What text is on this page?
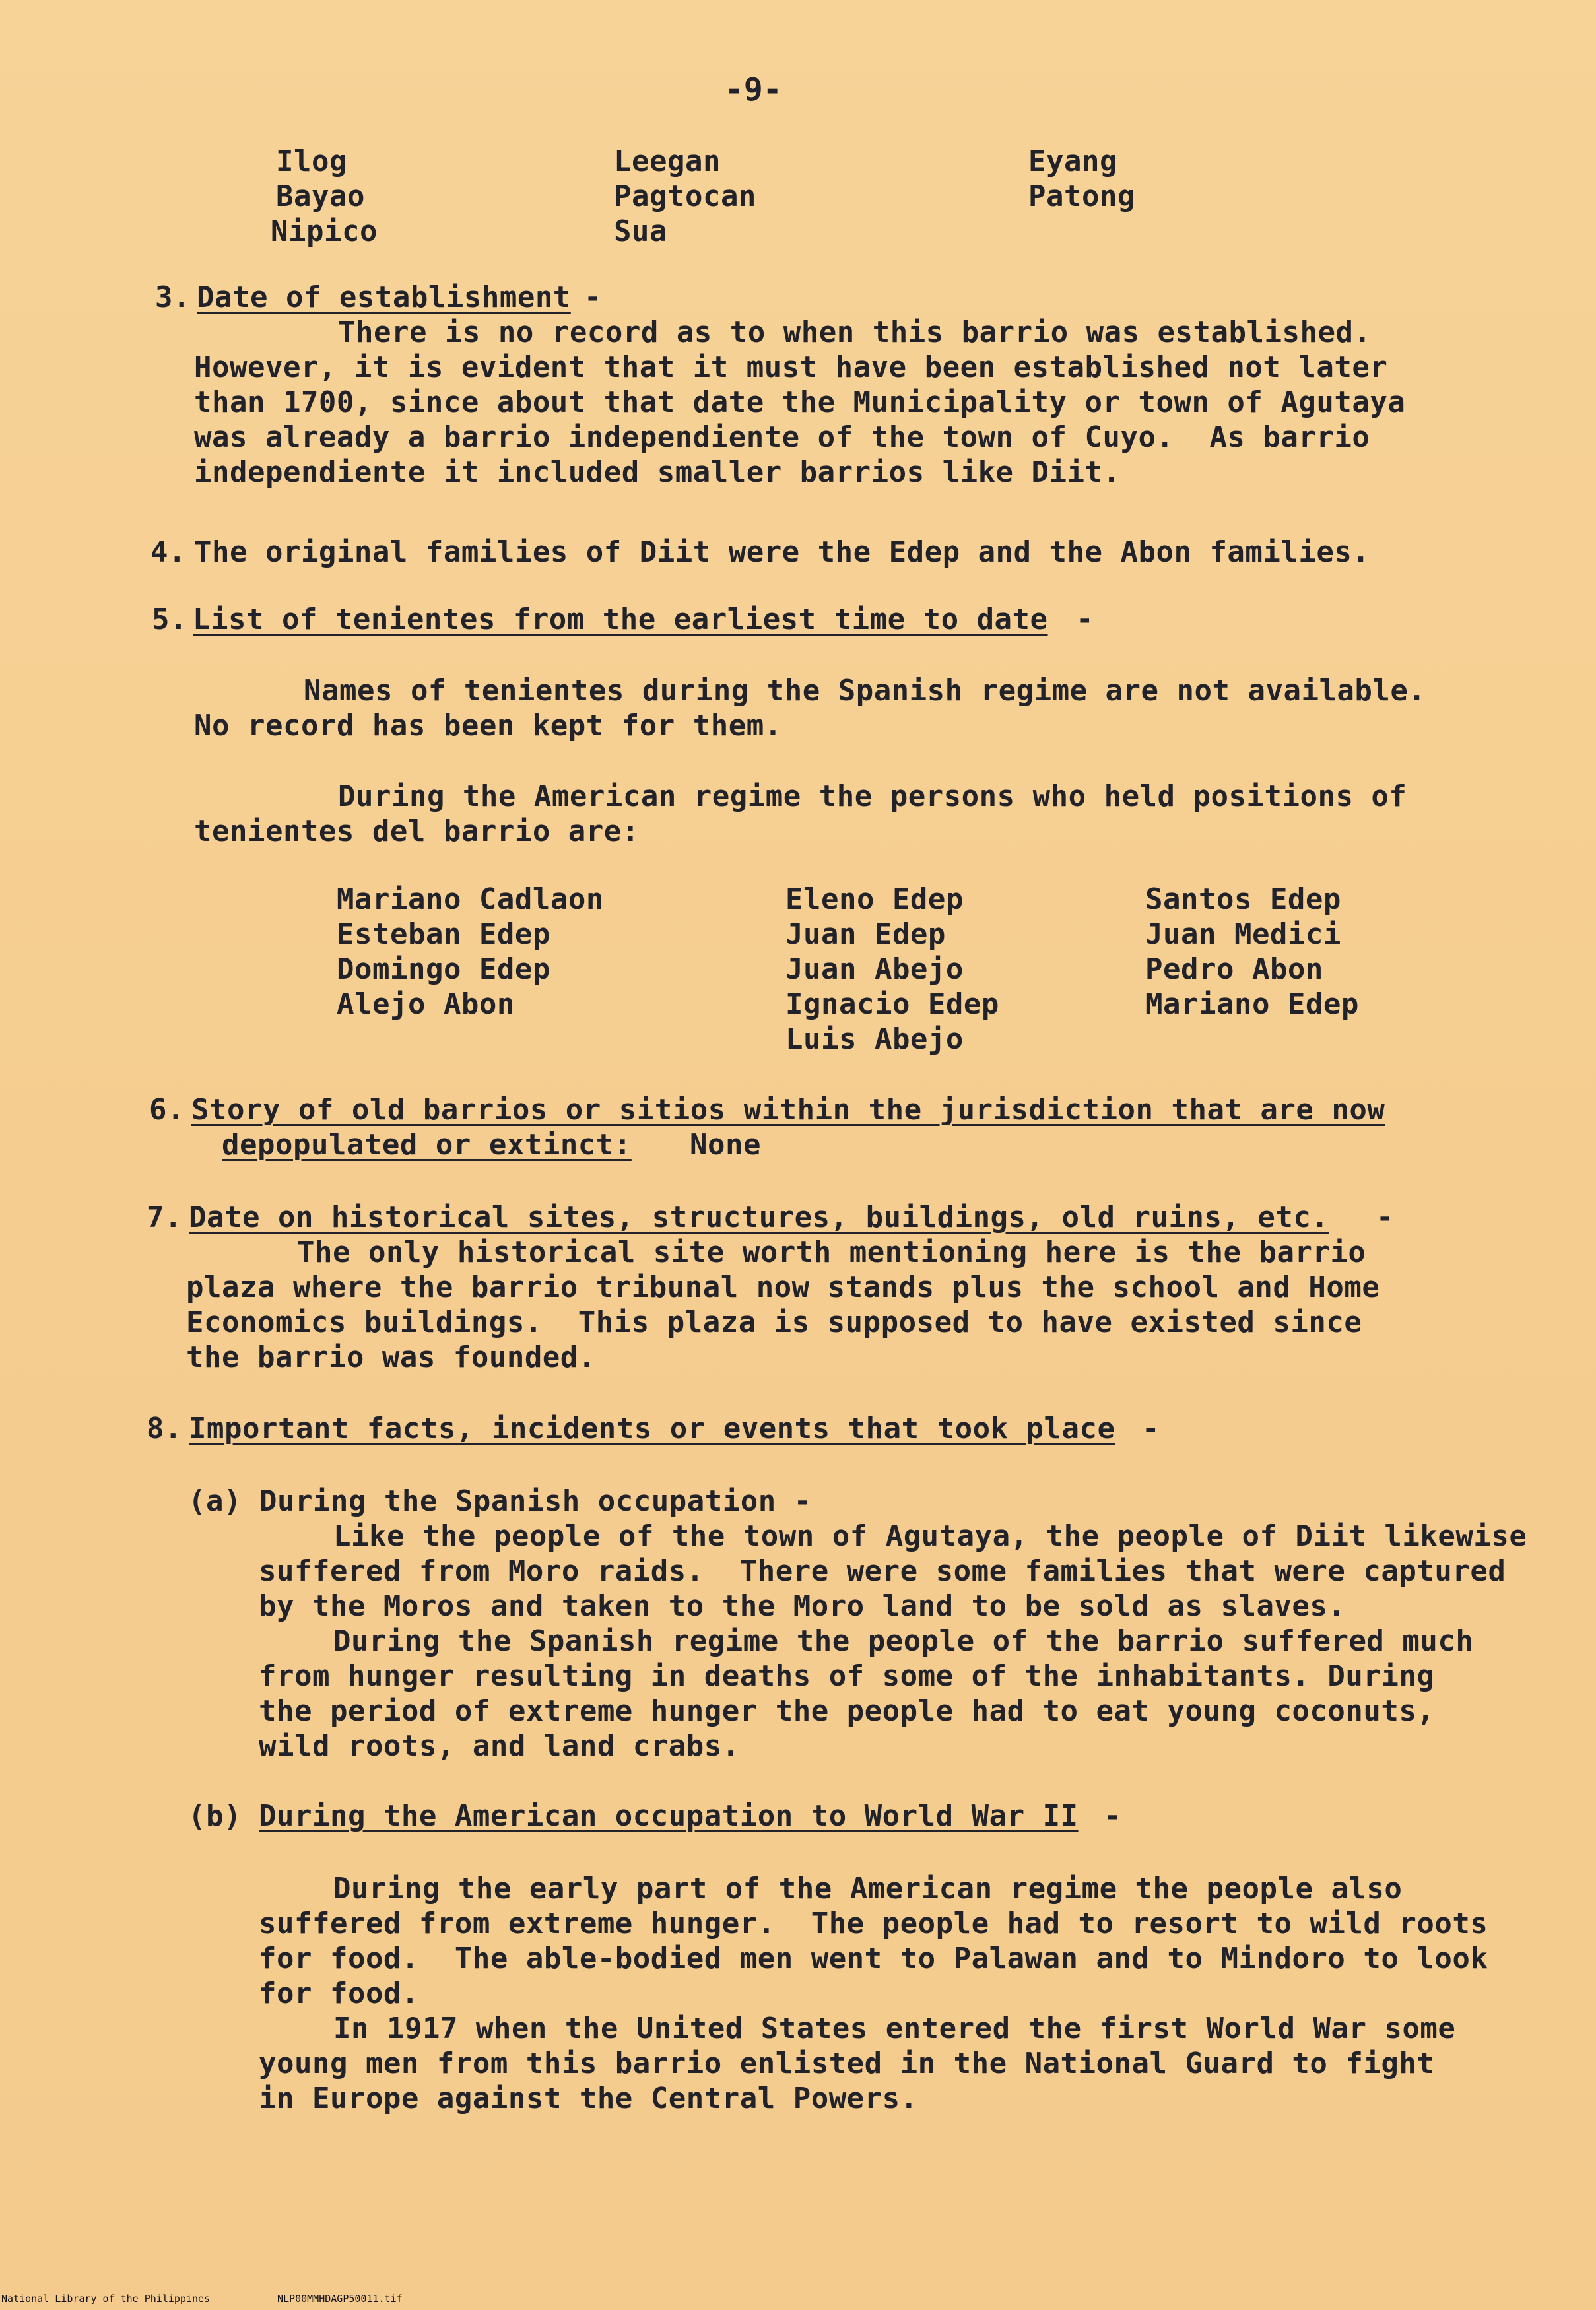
-9-
Ilog
Bayao
Nipico
Leegan
Pagtocan
Sua
Eyang
Patong
3. Date of establishment -
There is no record as to when this barrio was established.
However, it is evident that it must have been established not later
than 1700, since about that date the Municipality or town of Agutaya
was already a barrio independiente of the town of Cuyo.  As barrio
independiente it included smaller barrios like Diit.
4. The original families of Diit were the Edep and the Abon families.
5. List of tenientes from the earliest time to date -
Names of tenientes during the Spanish regime are not available.
No record has been kept for them.
During the American regime the persons who held positions of
tenientes del barrio are:
Mariano Cadlaon
Esteban Edep
Domingo Edep
Alejo Abon
Eleno Edep
Juan Edep
Juan Abejo
Ignacio Edep
Luis Abejo
Santos Edep
Juan Medici
Pedro Abon
Mariano Edep
6. Story of old barrios or sitios within the jurisdiction that are now
depopulated or extinct: None
7. Date on historical sites, structures, buildings, old ruins, etc. -
The only historical site worth mentioning here is the barrio
plaza where the barrio tribunal now stands plus the school and Home
Economics buildings.  This plaza is supposed to have existed since
the barrio was founded.
8. Important facts, incidents or events that took place -
(a) During the Spanish occupation -
Like the people of the town of Agutaya, the people of Diit likewise
suffered from Moro raids.  There were some families that were captured
by the Moros and taken to the Moro land to be sold as slaves.
During the Spanish regime the people of the barrio suffered much
from hunger resulting in deaths of some of the inhabitants. During
the period of extreme hunger the people had to eat young coconuts,
wild roots, and land crabs.
(b) During the American occupation to World War II -
During the early part of the American regime the people also
suffered from extreme hunger.  The people had to resort to wild roots
for food.  The able-bodied men went to Palawan and to Mindoro to look
for food.
In 1917 when the United States entered the first World War some
young men from this barrio enlisted in the National Guard to fight
in Europe against the Central Powers.
National Library of the Philippines	NLP00MMHDAGP50011.tif
